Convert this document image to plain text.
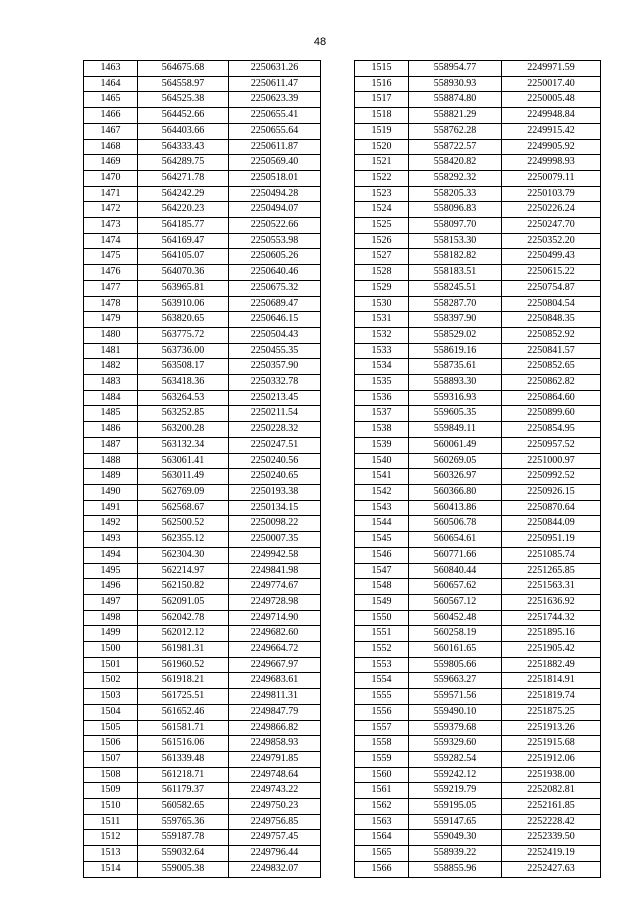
48
1463	564675.68	2250631.26
1464	564558.97	2250611.47
1465	564525.38	2250623.39
1466	564452.66	2250655.41
1467	564403.66	2250655.64
1468	564333.43	2250611.87
1469	564289.75	2250569.40
1470	564271.78	2250518.01
1471	564242.29	2250494.28
1472	564220.23	2250494.07
1473	564185.77	2250522.66
1474	564169.47	2250553.98
1475	564105.07	2250605.26
1476	564070.36	2250640.46
1477	563965.81	2250675.32
1478	563910.06	2250689.47
1479	563820.65	2250646.15
1480	563775.72	2250504.43
1481	563736.00	2250455.35
1482	563508.17	2250357.90
1483	563418.36	2250332.78
1484	563264.53	2250213.45
1485	563252.85	2250211.54
1486	563200.28	2250228.32
1487	563132.34	2250247.51
1488	563061.41	2250240.56
1489	563011.49	2250240.65
1490	562769.09	2250193.38
1491	562568.67	2250134.15
1492	562500.52	2250098.22
1493	562355.12	2250007.35
1494	562304.30	2249942.58
1495	562214.97	2249841.98
1496	562150.82	2249774.67
1497	562091.05	2249728.98
1498	562042.78	2249714.90
1499	562012.12	2249682.60
1500	561981.31	2249664.72
1501	561960.52	2249667.97
1502	561918.21	2249683.61
1503	561725.51	2249811.31
1504	561652.46	2249847.79
1505	561581.71	2249866.82
1506	561516.06	2249858.93
1507	561339.48	2249791.85
1508	561218.71	2249748.64
1509	561179.37	2249743.22
1510	560582.65	2249750.23
1511	559765.36	2249756.85
1512	559187.78	2249757.45
1513	559032.64	2249796.44
1514	559005.38	2249832.07
1515	558954.77	2249971.59
1516	558930.93	2250017.40
1517	558874.80	2250005.48
1518	558821.29	2249948.84
1519	558762.28	2249915.42
1520	558722.57	2249905.92
1521	558420.82	2249998.93
1522	558292.32	2250079.11
1523	558205.33	2250103.79
1524	558096.83	2250226.24
1525	558097.70	2250247.70
1526	558153.30	2250352.20
1527	558182.82	2250499.43
1528	558183.51	2250615.22
1529	558245.51	2250754.87
1530	558287.70	2250804.54
1531	558397.90	2250848.35
1532	558529.02	2250852.92
1533	558619.16	2250841.57
1534	558735.61	2250852.65
1535	558893.30	2250862.82
1536	559316.93	2250864.60
1537	559605.35	2250899.60
1538	559849.11	2250854.95
1539	560061.49	2250957.52
1540	560269.05	2251000.97
1541	560326.97	2250992.52
1542	560366.80	2250926.15
1543	560413.86	2250870.64
1544	560506.78	2250844.09
1545	560654.61	2250951.19
1546	560771.66	2251085.74
1547	560840.44	2251265.85
1548	560657.62	2251563.31
1549	560567.12	2251636.92
1550	560452.48	2251744.32
1551	560258.19	2251895.16
1552	560161.65	2251905.42
1553	559805.66	2251882.49
1554	559663.27	2251814.91
1555	559571.56	2251819.74
1556	559490.10	2251875.25
1557	559379.68	2251913.26
1558	559329.60	2251915.68
1559	559282.54	2251912.06
1560	559242.12	2251938.00
1561	559219.79	2252082.81
1562	559195.05	2252161.85
1563	559147.65	2252228.42
1564	559049.30	2252339.50
1565	558939.22	2252419.19
1566	558855.96	2252427.63
